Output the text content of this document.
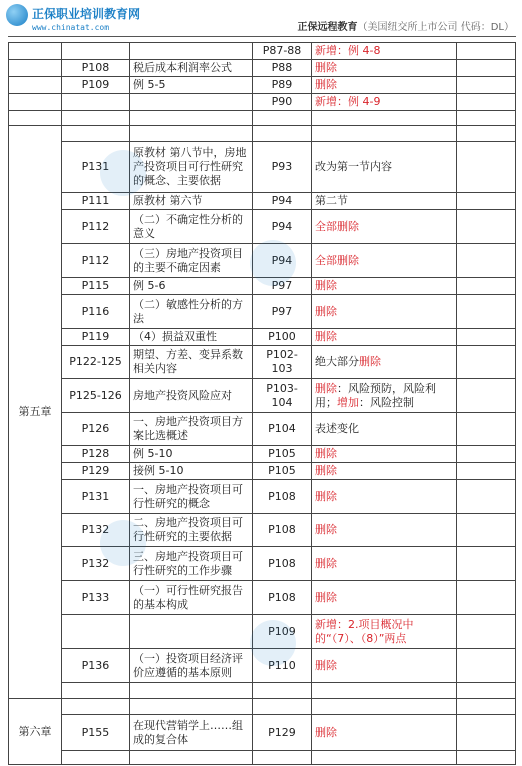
正保职业培训教育网
www.chinatat.com	正保远程教育（美国纽交所上市公司 代码：DL）
			P87-88	新增：例 4-8	
	P108	税后成本利润率公式	P88	删除	
	P109	例 5-5	P89	删除	
			P90	新增：例 4-9	

第五章					
	P131	原教材 第八节中，房地产投资项目可行性研究的概念、主要依据	P93	改为第一节内容	
	P111	原教材 第六节	P94	第二节	
	P112	（二）不确定性分析的意义	P94	全部删除	
	P112	（三）房地产投资项目的主要不确定因素	P94	全部删除	
	P115	例 5-6	P97	删除	
	P116	（二）敏感性分析的方法	P97	删除	
	P119	（4）损益双重性	P100	删除	
	P122-125	期望、方差、变异系数相关内容	P102-103	绝大部分删除	
	P125-126	房地产投资风险应对	P103-104	删除：风险预防，风险利用；增加：风险控制	
	P126	一、房地产投资项目方案比选概述	P104	表述变化	
	P128	例 5-10	P105	删除	
	P129	接例 5-10	P105	删除	
	P131	一、房地产投资项目可行性研究的概念	P108	删除	
	P132	二、房地产投资项目可行性研究的主要依据	P108	删除	
	P132	三、房地产投资项目可行性研究的工作步骤	P108	删除	
	P133	（一）可行性研究报告的基本构成	P108	删除	
			P109	新增：2.项目概况中的“（7）、（8）”两点	
	P136	（一）投资项目经济评价应遵循的基本原则	P110	删除	

第六章					
	P155	在现代营销学上……组成的复合体	P129	删除	
